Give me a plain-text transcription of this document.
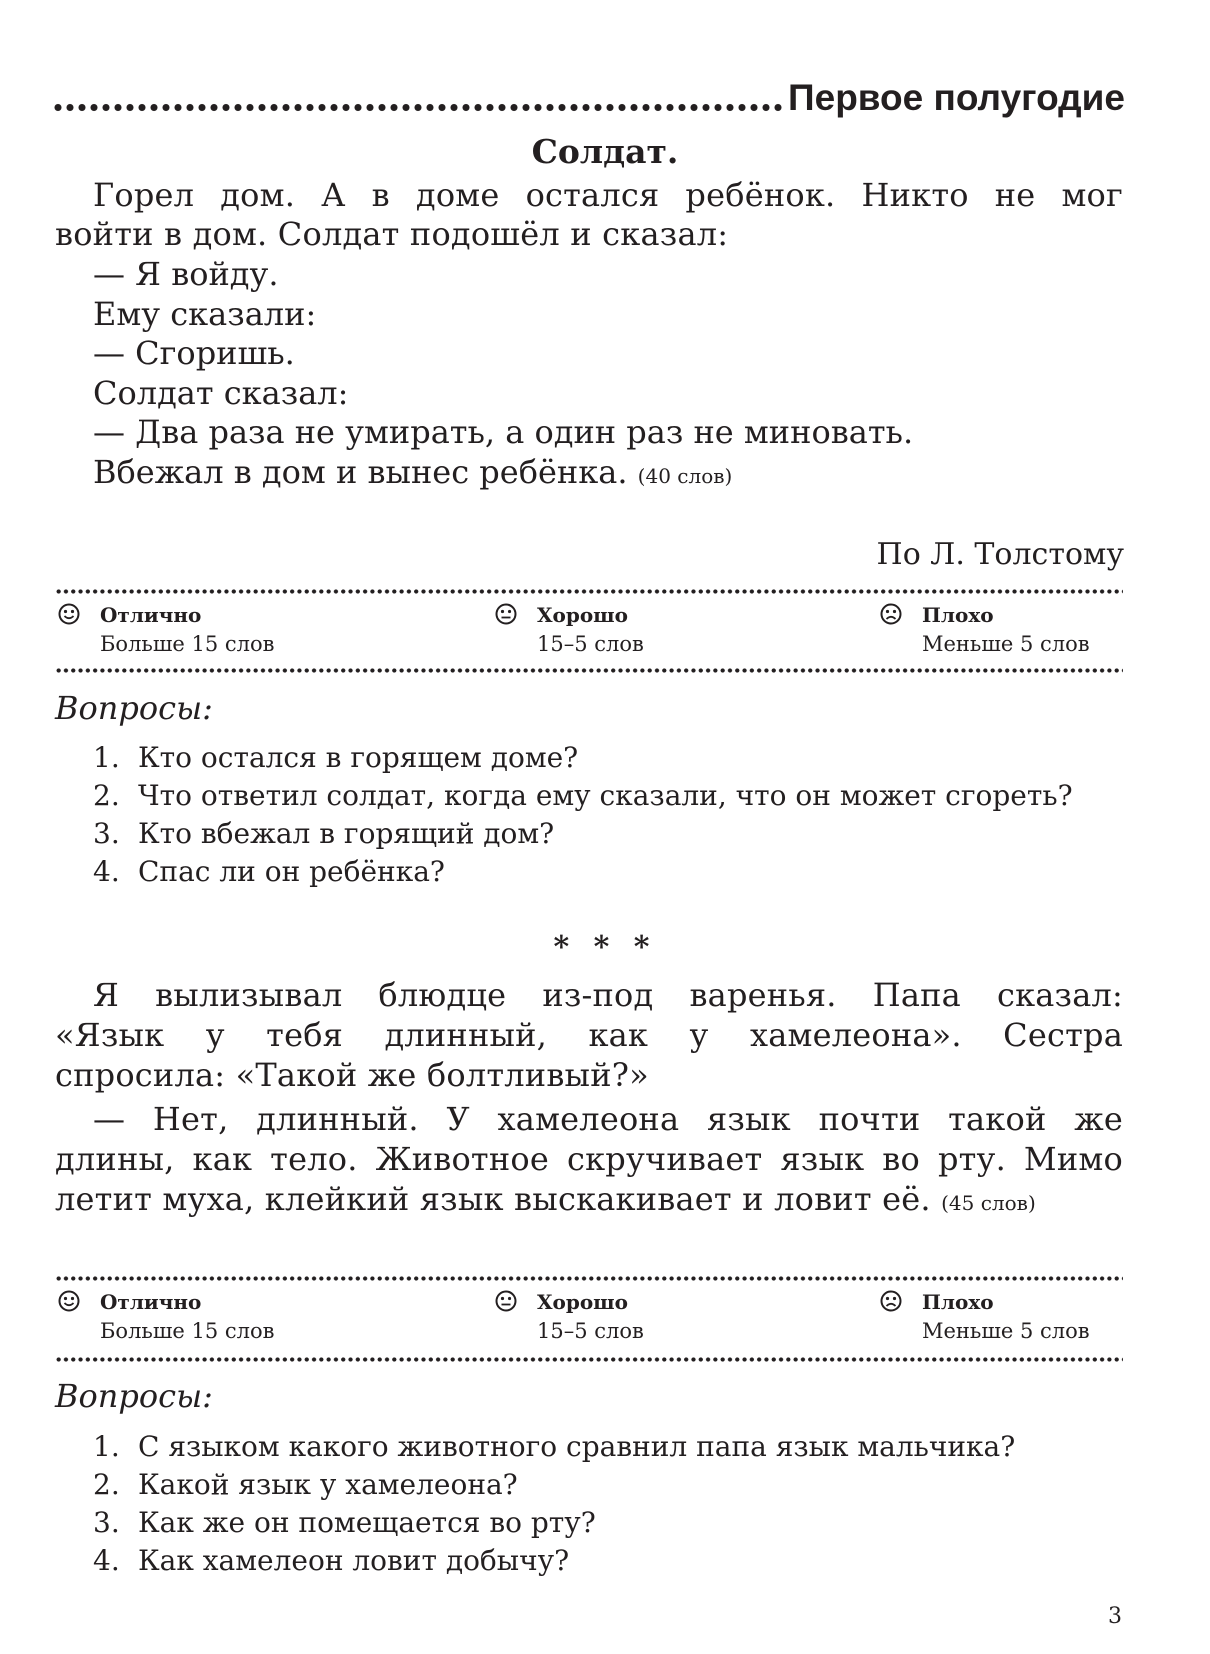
Первое полугодие
Солдат.
Горел дом. А в доме остался ребёнок. Никто не мог
войти в дом. Солдат подошёл и сказал:
— Я войду.
Ему сказали:
— Сгоришь.
Солдат сказал:
— Два раза не умирать, а один раз не миновать.
Вбежал в дом и вынес ребёнка. (40 слов)
По Л. Толстому
Отлично
Больше 15 слов
Хорошо
15–5 слов
Плохо
Меньше 5 слов
Вопросы:
1. Кто остался в горящем доме?
2. Что ответил солдат, когда ему сказали, что он может сгореть?
3. Кто вбежал в горящий дом?
4. Спас ли он ребёнка?
* * *
Я вылизывал блюдце из-под варенья. Папа сказал:
«Язык у тебя длинный, как у хамелеона». Сестра
спросила: «Такой же болтливый?»
— Нет, длинный. У хамелеона язык почти такой же
длины, как тело. Животное скручивает язык во рту. Мимо
летит муха, клейкий язык выскакивает и ловит её. (45 слов)
Отлично
Больше 15 слов
Хорошо
15–5 слов
Плохо
Меньше 5 слов
Вопросы:
1. С языком какого животного сравнил папа язык мальчика?
2. Какой язык у хамелеона?
3. Как же он помещается во рту?
4. Как хамелеон ловит добычу?
3
